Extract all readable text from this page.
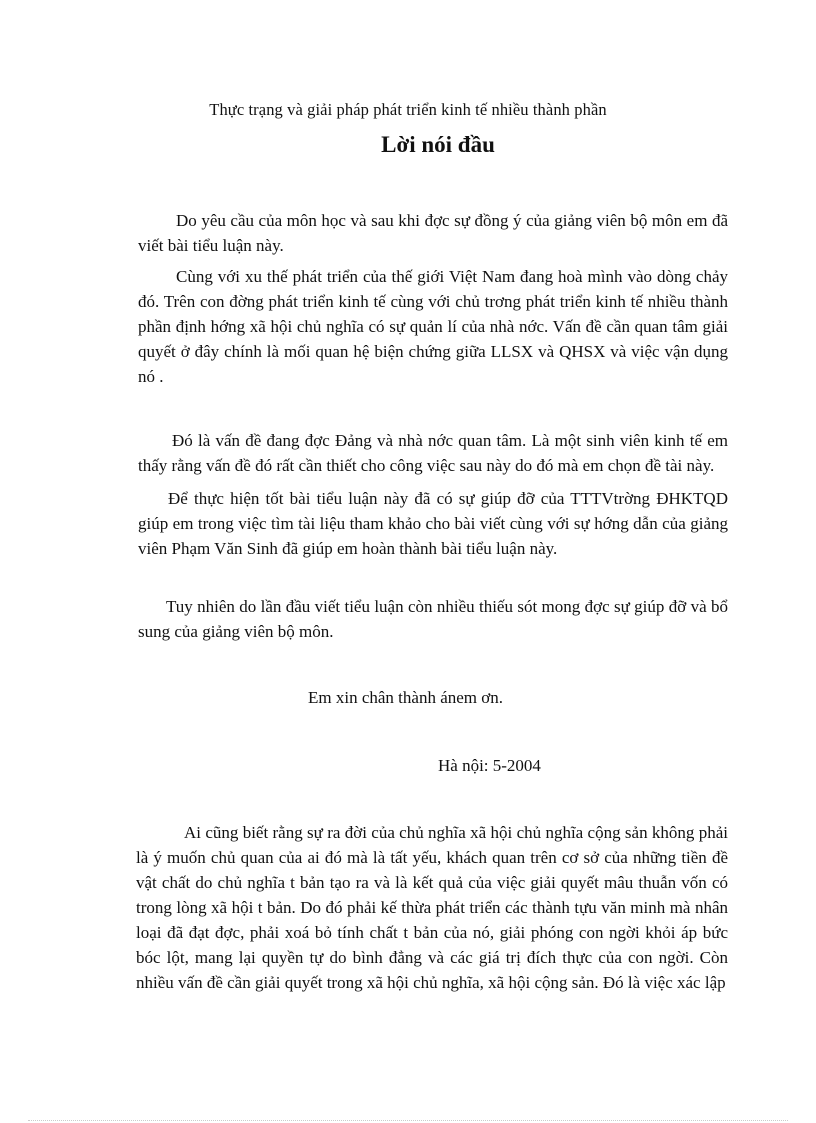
Thực trạng và giải pháp phát triển kinh tế nhiều thành phần
Lời nói đầu

Do yêu cầu của môn học và sau khi đợc sự đồng ý của giảng viên bộ môn em đã viết bài tiểu luận này.

Cùng với xu thế phát triển của thế giới Việt Nam đang hoà mình vào dòng chảy đó. Trên con đờng phát triển kinh tế cùng với chủ trơng phát triển kinh tế nhiều thành phần định hớng xã hội chủ nghĩa có sự quản lí của nhà nớc. Vấn đề cần quan tâm giải quyết ở đây chính là mối quan hệ biện chứng giữa LLSX và QHSX và việc vận dụng nó .

Đó là vấn đề đang đợc Đảng và nhà nớc quan tâm. Là một sinh viên kinh tế em thấy rằng vấn đề đó rất cần thiết cho công việc sau này do đó mà em chọn đề tài này.

Để thực hiện tốt bài tiểu luận này đã có sự giúp đỡ của TTTVtrờng ĐHKTQD giúp em trong việc tìm tài liệu tham khảo cho bài viết cùng với sự hớng dẫn của giảng viên Phạm Văn Sinh đã giúp em hoàn thành bài tiểu luận này.

Tuy nhiên do lần đầu viết tiểu luận còn nhiều thiếu sót mong đợc sự giúp đỡ và bổ sung của giảng viên bộ môn.

Em xin chân thành ánem ơn.
Hà nội: 5-2004

Ai cũng biết rằng sự ra đời của chủ nghĩa xã hội chủ nghĩa cộng sản không phải là ý muốn chủ quan của ai đó mà là tất yếu, khách quan trên cơ sở của những tiền đề vật chất do chủ nghĩa t bản tạo ra và là kết quả của việc giải quyết mâu thuẫn vốn có trong lòng xã hội t bản. Do đó phải kế thừa phát triển các thành tựu văn minh mà nhân loại đã đạt đợc, phải xoá bỏ tính chất t bản của nó, giải phóng con ngời khỏi áp bức bóc lột, mang lại quyền tự do bình đẳng và các giá trị đích thực của con ngời. Còn nhiều vấn đề cần giải quyết trong xã hội chủ nghĩa, xã hội cộng sản. Đó là việc xác lập
